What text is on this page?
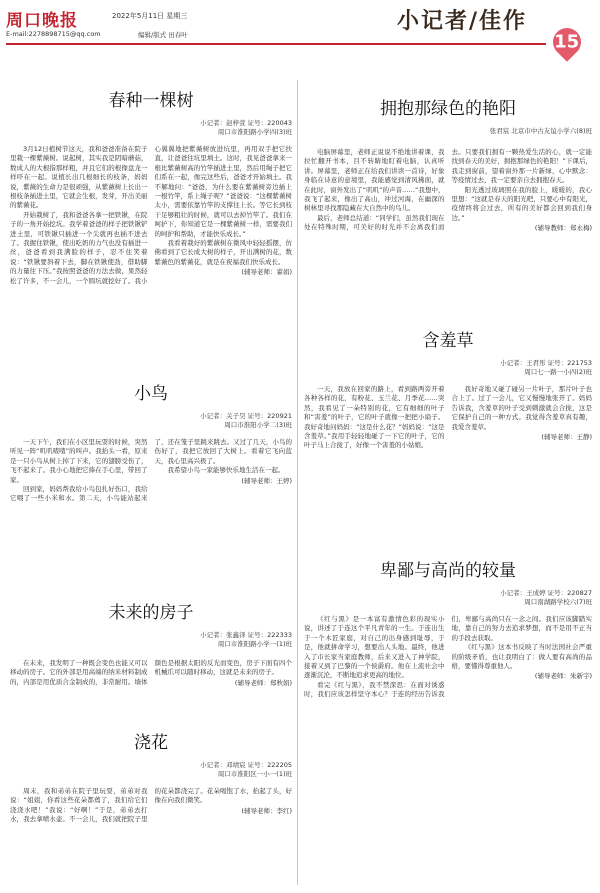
周口晚报	2022年5月11日 星期三
E-mail:2278898715@qq.com	编辑/版式 田春叶
小记者/佳作
15
春种一棵树
小记者：赵梓萱 证号：220043
周口市淮阳路小学四(3)班

3月12日植树节这天，我和爸爸准备在院子里栽一棵紫薇树。说起树，其实我是阴暗蘑菇，数成人的大根指那样粗，并且它们的根像盘龙一样吓在一起。说植长出几根细长的枝条，妈妈说，紫薇的生命力是很顽强，从紫薇树上长出一根枝条插进土里，它就会生根，发芽，开出美丽的紫薇花。

开始栽树了，我和爸爸各拿一把铁锹，在院子的一角开始挖坑。我学着爸爸的样子把铁锹铲进土里，可铁锹只插进一个尖就再也插不进去了。我握住铁锹，使出吃奶的力气也没有插进一丝，爸爸看到我满脸的样子，忍不住笑着说：“铁锹要斜着下去，脚在铁锹使劲，借助脚的力量往下压。”我按照爸爸的方法去做，果然轻松了许多，不一会儿，一个圆坑就挖好了。我小心翼翼地把紫薇树放进坑里，再用双手把它扶直，让爸爸往坑里填土。这时，我见爸爸拿来一根比紫薇树高的竹竿插进土里，然后用绳子把它们系在一起，像完这些后，爸爸才开始填土。我不解地问：“爸爸，为什么要在紫薇树旁边插上一根竹竿，系上绳子呢？”爸爸说：“这棵紫薇树太小，需要依靠竹竿的支撑往上长。等它长到枝干足够粗壮的时候，就可以去掉竹竿了。我们在呵护下，你知道它是一棵紫薇树一样，需要我们的呵护和帮助，才能快乐成长。”

我看着栽好的紫薇树在微风中轻轻摇摆，仿佛看到了它长成大树的样子，开出满树的花，数紫薇色的紫薇花，就是在祝福我们快乐成长。

(辅导老师：翟娟)
小鸟
小记者：关子昊 证号：220921
周口市淮阳小学二(3)班

一天下午，我们在小区里玩耍的时候，突然听见一阵“叽叽喳喳”的叫声。我抬头一看，原来是一只小鸟从树上掉了下来，它的翅膀受伤了，飞不起来了。我小心地把它捧在手心里，带回了家。

回到家，妈妈帮我给小鸟包扎好伤口，我给它喂了一些小米和水。第二天，小鸟能站起来了，还在笼子里跳来跳去。又过了几天，小鸟的伤好了，我把它放回了大树上。看着它飞向蓝天，我心里高兴极了。

我希望小鸟一家能够快乐地生活在一起。

(辅导老师：王婷)
未来的房子
小记者：张鑫泽 证号：222333
周口市淮阳路小学一(1)班

在未来，我发明了一种既会变色也能又可以移动的房子。它的外部是用高端的纳米材料制成的，内部是用优质合金制成的，非常耐用。墙体颜色是根据太阳的反光而变色，房子下面有四个机械爪可以随时移动，这就是未来的房子。

(辅导老师：郑秋娟)
浇花
小记者：邓靖宸 证号：222205
周口市淮阳区一小一(1)班

周末，我和弟弟在院子里玩耍，弟弟对我说：“姐姐，你看这些花朵都蔫了，我们给它们浇浇水吧！”我说：“好啊！”于是，弟弟去打水，我去拿喷水壶。不一会儿，我们就把院子里的花朵都浇完了。花朵喝饱了水，抬起了头，好像在向我们微笑。

(辅导老师：李红)
拥抱那绿色的艳阳
张君宸 北京市中古友谊小学六(8)班

电脑屏幕里，老师正说说不绝地讲着课，我拉忙翻开书本，目不转睛地盯着电脑，认真听讲。屏幕里，老师正在给我们讲读一首诗，好象身临在诗意的意境里，我能感觉到清风拂面，就在此时，窗外发出了“叽叽”的声音……“我想中，我飞了起来，像出了高山，冲过河海，在幽深的树林里寻找那隐藏在大自然中的鸟儿。

最后，老师总结道：“同学们，虽然我们现在处在特殊时期，可美好的时光并不会离我们而去。只要我们拥有一颗热爱生活的心，就一定能找到春天的美好，拥抱那绿色的艳阳！”下课后，我走到窗前，望着窗外那一片新绿，心中默念：等疫情过去，我一定要亲自去拥抱春天。

阳光透过玻璃照在我的脸上，暖暖的，我心里想：“这就是春天的阳光吧，只要心中有阳光，疫情终将会过去，所有的美好都会回到我们身边。”

(辅导教师：郑永梅)
含羞草
小记者：王君彤 证号：221753
周口七一路一小四(2)班

一天，我放在回家的路上，看到路两旁开着各种各样的花，有粉花、玉兰花、月季花……突然，我看见了一朵特别的花，它有细细的叶子和“害羞”的叶子，它的叶子就像一把把小扇子。我好奇地问妈妈：“这是什么花？”妈妈说：“这是含羞草。”我用手轻轻地碰了一下它的叶子，它的叶子马上合拢了，好像一个害羞的小姑娘。

我好奇地又碰了碰另一片叶子，那片叶子也合上了。过了一会儿，它又慢慢地张开了。妈妈告诉我，含羞草的叶子受到刺激就会合拢，这是它保护自己的一种方式。我觉得含羞草真有趣，我爱含羞草。

(辅导老师：王静)
卑鄙与高尚的较量
小记者：王成婷 证号：220827
周口南湖路学校六(7)班

《红与黑》是一本富有激情色彩的现实小说，讲述了于连这个平凡青年的一生。于连出生于一个木匠家庭，对自己的出身感到耻辱，于是，他就拼命学习，想要出人头地。最终，他进入了市长家当家庭教师，后来又进入了神学院，接着又到了巴黎的一个侯爵府。他在上流社会中逐渐沉沦，不断地追求更高的地位。

看完《红与黑》，我不禁深思：在面对诱惑时，我们应该怎样坚守本心？于连的经历告诉我们，卑鄙与高尚只在一念之间。我们应该脚踏实地，靠自己的努力去追求梦想，而不是用不正当的手段去获取。

《红与黑》这本书反映了当时法国社会严重的阶级矛盾，也让我明白了：做人要有高尚的品格，要懂得尊重他人。

(辅导老师：朱新宇)
